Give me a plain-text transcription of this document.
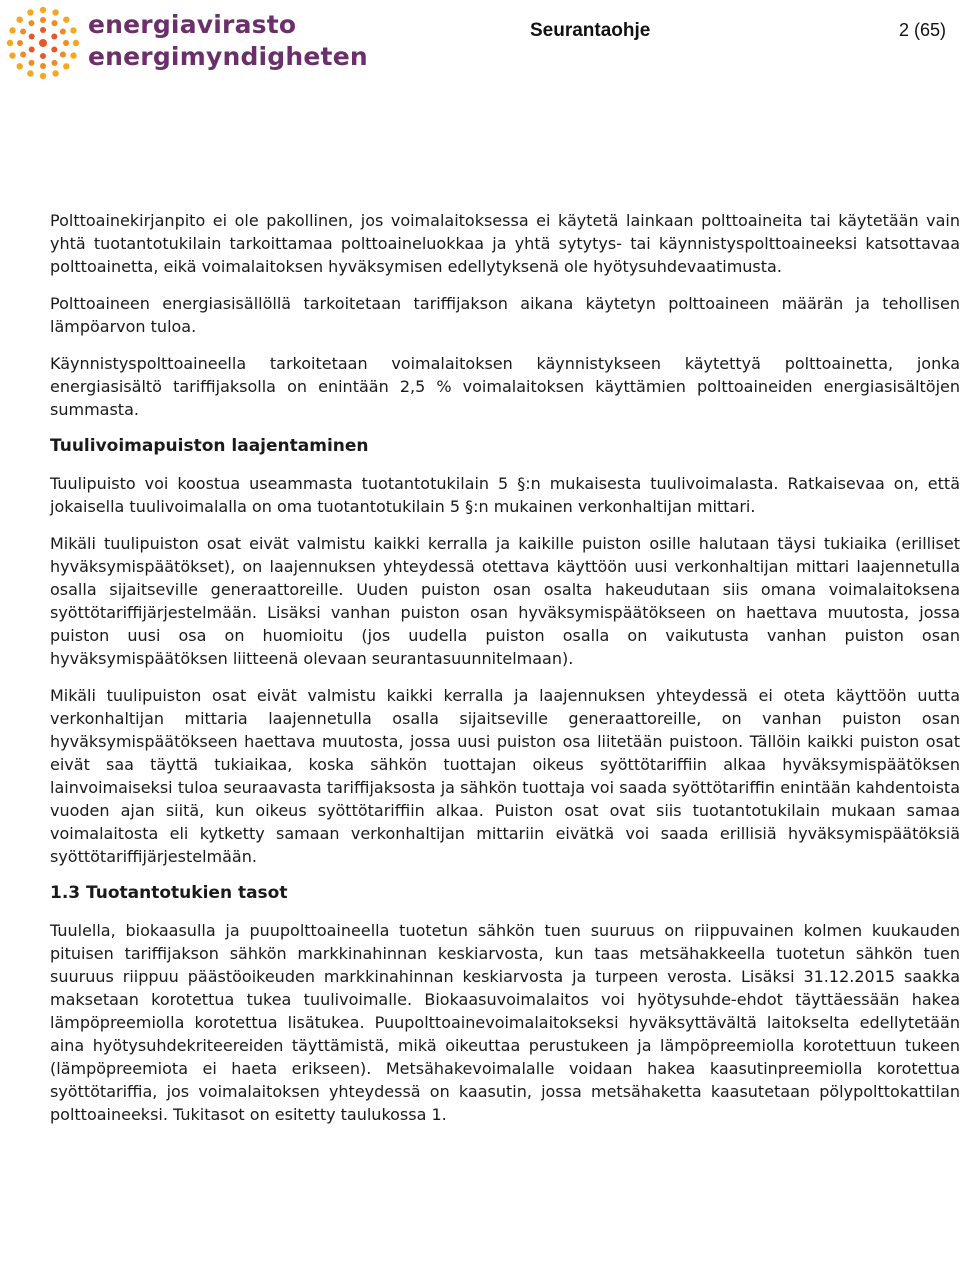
energiavirasto
energimyndigheten
Seurantaohje	2 (65)

Polttoainekirjanpito ei ole pakollinen, jos voimalaitoksessa ei käytetä lainkaan polttoaineita tai käytetään vain yhtä tuotantotukilain tarkoittamaa polttoaineluokkaa ja yhtä sytytys- tai käynnistyspolttoaineeksi katsottavaa polttoainetta, eikä voimalaitoksen hyväksymisen edellytyksenä ole hyötysuhdevaatimusta.

Polttoaineen energiasisällöllä tarkoitetaan tariffijakson aikana käytetyn polttoaineen määrän ja tehollisen lämpöarvon tuloa.

Käynnistyspolttoaineella tarkoitetaan voimalaitoksen käynnistykseen käytettyä polttoainetta, jonka energiasisältö tariffijaksolla on enintään 2,5 % voimalaitoksen käyttämien polttoaineiden energiasisältöjen summasta.

Tuulivoimapuiston laajentaminen

Tuulipuisto voi koostua useammasta tuotantotukilain 5 §:n mukaisesta tuulivoimalasta. Ratkaisevaa on, että jokaisella tuulivoimalalla on oma tuotantotukilain 5 §:n mukainen verkonhaltijan mittari.

Mikäli tuulipuiston osat eivät valmistu kaikki kerralla ja kaikille puiston osille halutaan täysi tukiaika (erilliset hyväksymispäätökset), on laajennuksen yhteydessä otettava käyttöön uusi verkonhaltijan mittari laajennetulla osalla sijaitseville generaattoreille. Uuden puiston osan osalta hakeudutaan siis omana voimalaitoksena syöttötariffijärjestelmään. Lisäksi vanhan puiston osan hyväksymispäätökseen on haettava muutosta, jossa puiston uusi osa on huomioitu (jos uudella puiston osalla on vaikutusta vanhan puiston osan hyväksymispäätöksen liitteenä olevaan seurantasuunnitelmaan).

Mikäli tuulipuiston osat eivät valmistu kaikki kerralla ja laajennuksen yhteydessä ei oteta käyttöön uutta verkonhaltijan mittaria laajennetulla osalla sijaitseville generaattoreille, on vanhan puiston osan hyväksymispäätökseen haettava muutosta, jossa uusi puiston osa liitetään puistoon. Tällöin kaikki puiston osat eivät saa täyttä tukiaikaa, koska sähkön tuottajan oikeus syöttötariffiin alkaa hyväksymispäätöksen lainvoimaiseksi tuloa seuraavasta tariffijaksosta ja sähkön tuottaja voi saada syöttötariffin enintään kahdentoista vuoden ajan siitä, kun oikeus syöttötariffiin alkaa. Puiston osat ovat siis tuotantotukilain mukaan samaa voimalaitosta eli kytketty samaan verkonhaltijan mittariin eivätkä voi saada erillisiä hyväksymispäätöksiä syöttötariffijärjestelmään.

1.3 Tuotantotukien tasot

Tuulella, biokaasulla ja puupolttoaineella tuotetun sähkön tuen suuruus on riippuvainen kolmen kuukauden pituisen tariffijakson sähkön markkinahinnan keskiarvosta, kun taas metsähakkeella tuotetun sähkön tuen suuruus riippuu päästöoikeuden markkinahinnan keskiarvosta ja turpeen verosta. Lisäksi 31.12.2015 saakka maksetaan korotettua tukea tuulivoimalle. Biokaasuvoimalaitos voi hyötysuhde-ehdot täyttäessään hakea lämpöpreemiolla korotettua lisätukea. Puupolttoainevoimalaitokseksi hyväksyttävältä laitokselta edellytetään aina hyötysuhdekriteereiden täyttämistä, mikä oikeuttaa perustukeen ja lämpöpreemiolla korotettuun tukeen (lämpöpreemiota ei haeta erikseen). Metsähakevoimalalle voidaan hakea kaasutinpreemiolla korotettua syöttötariffia, jos voimalaitoksen yhteydessä on kaasutin, jossa metsähaketta kaasutetaan pölypolttokattilan polttoaineeksi. Tukitasot on esitetty taulukossa 1.
